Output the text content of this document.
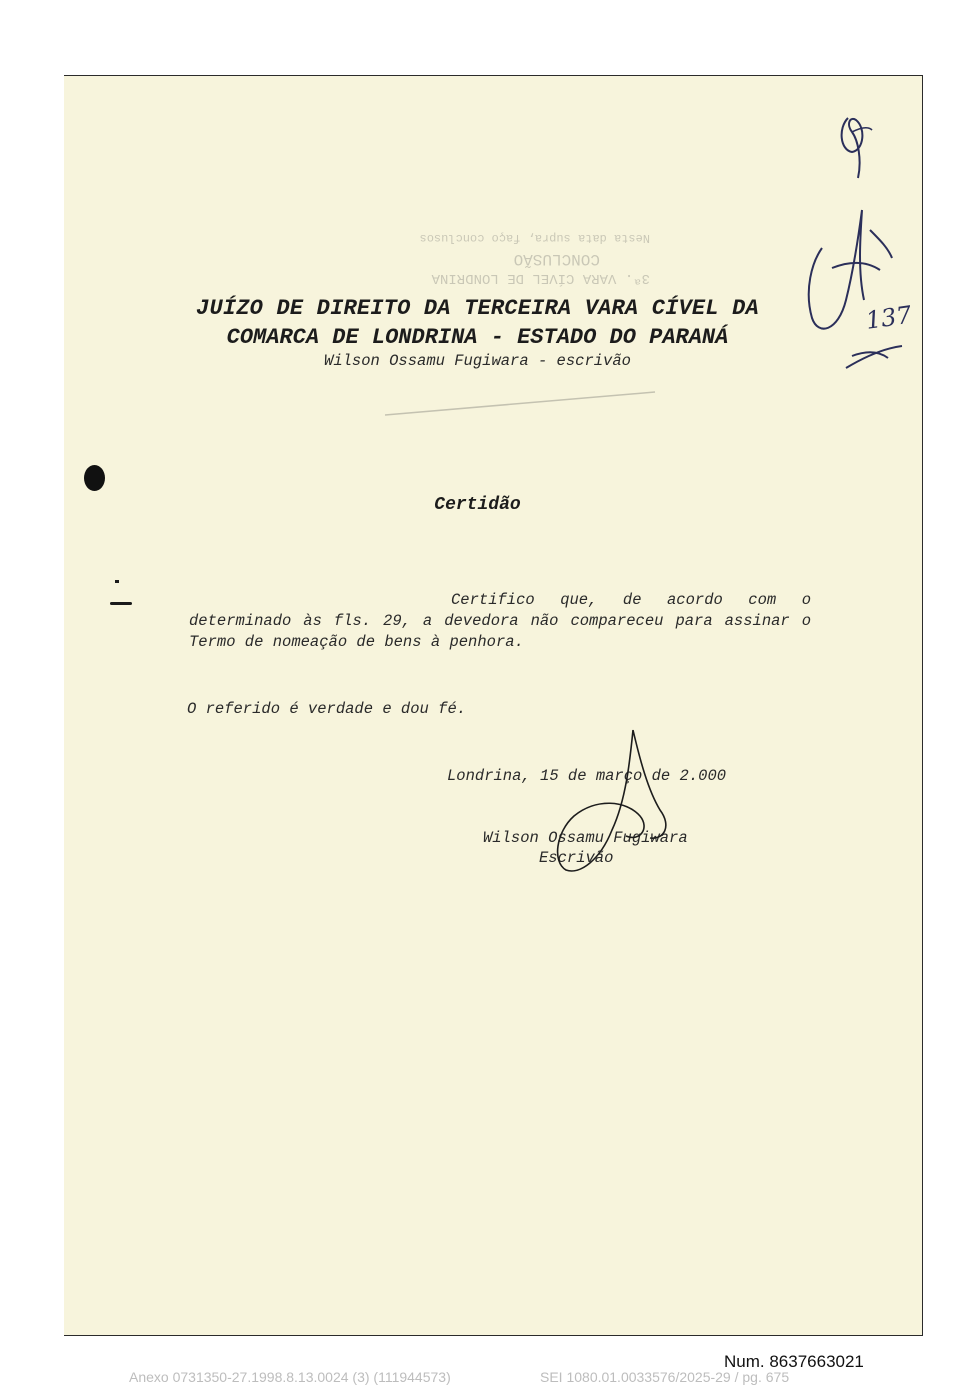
3ª. VARA CÍVEL DE LONDRINA
CONCLUSÃO
Nesta data supra, faço conclusos
JUÍZO DE DIREITO DA TERCEIRA VARA CÍVEL DA
COMARCA DE LONDRINA - ESTADO DO PARANÁ
Wilson Ossamu Fugiwara - escrivão
Certidão
Certifico que, de acordo com o determinado às fls. 29, a devedora não compareceu para assinar o Termo de nomeação de bens à penhora.
O referido é verdade e dou fé.
Londrina, 15 de março de 2.000
Wilson Ossamu Fugiwara
Escrivão
137
Num. 8637663021
Anexo 0731350-27.1998.8.13.0024 (3) (111944573)	SEI 1080.01.0033576/2025-29 / pg. 675
